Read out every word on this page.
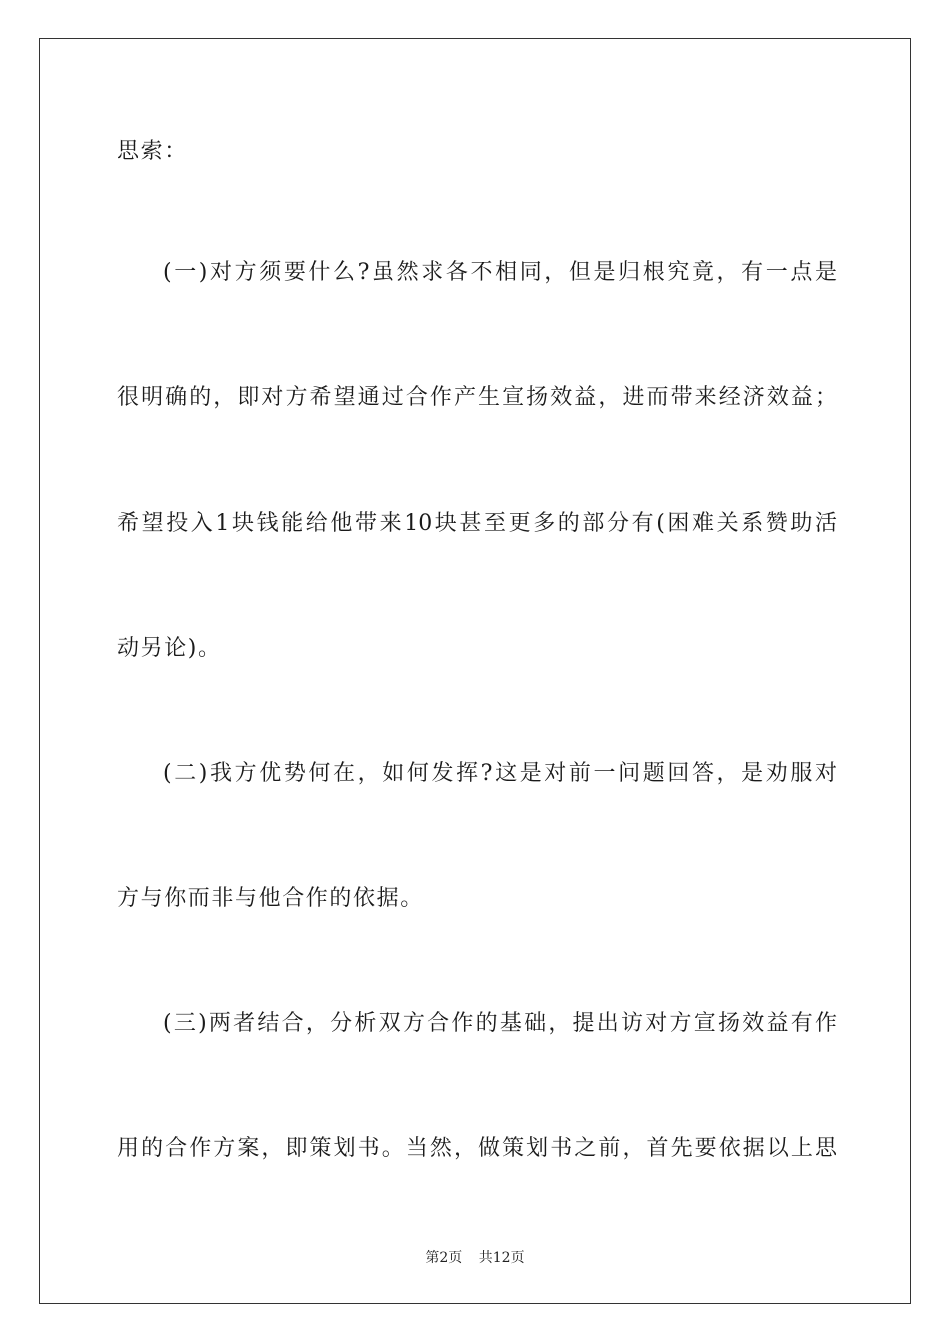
思索：
(一)对方须要什么?虽然求各不相同，但是归根究竟，有一点是
很明确的，即对方希望通过合作产生宣扬效益，进而带来经济效益；
希望投入1块钱能给他带来10块甚至更多的部分有(困难关系赞助活
动另论)。
(二)我方优势何在，如何发挥?这是对前一问题回答，是劝服对
方与你而非与他合作的依据。
(三)两者结合，分析双方合作的基础，提出访对方宣扬效益有作
用的合作方案，即策划书。当然，做策划书之前，首先要依据以上思
第2页 共12页
